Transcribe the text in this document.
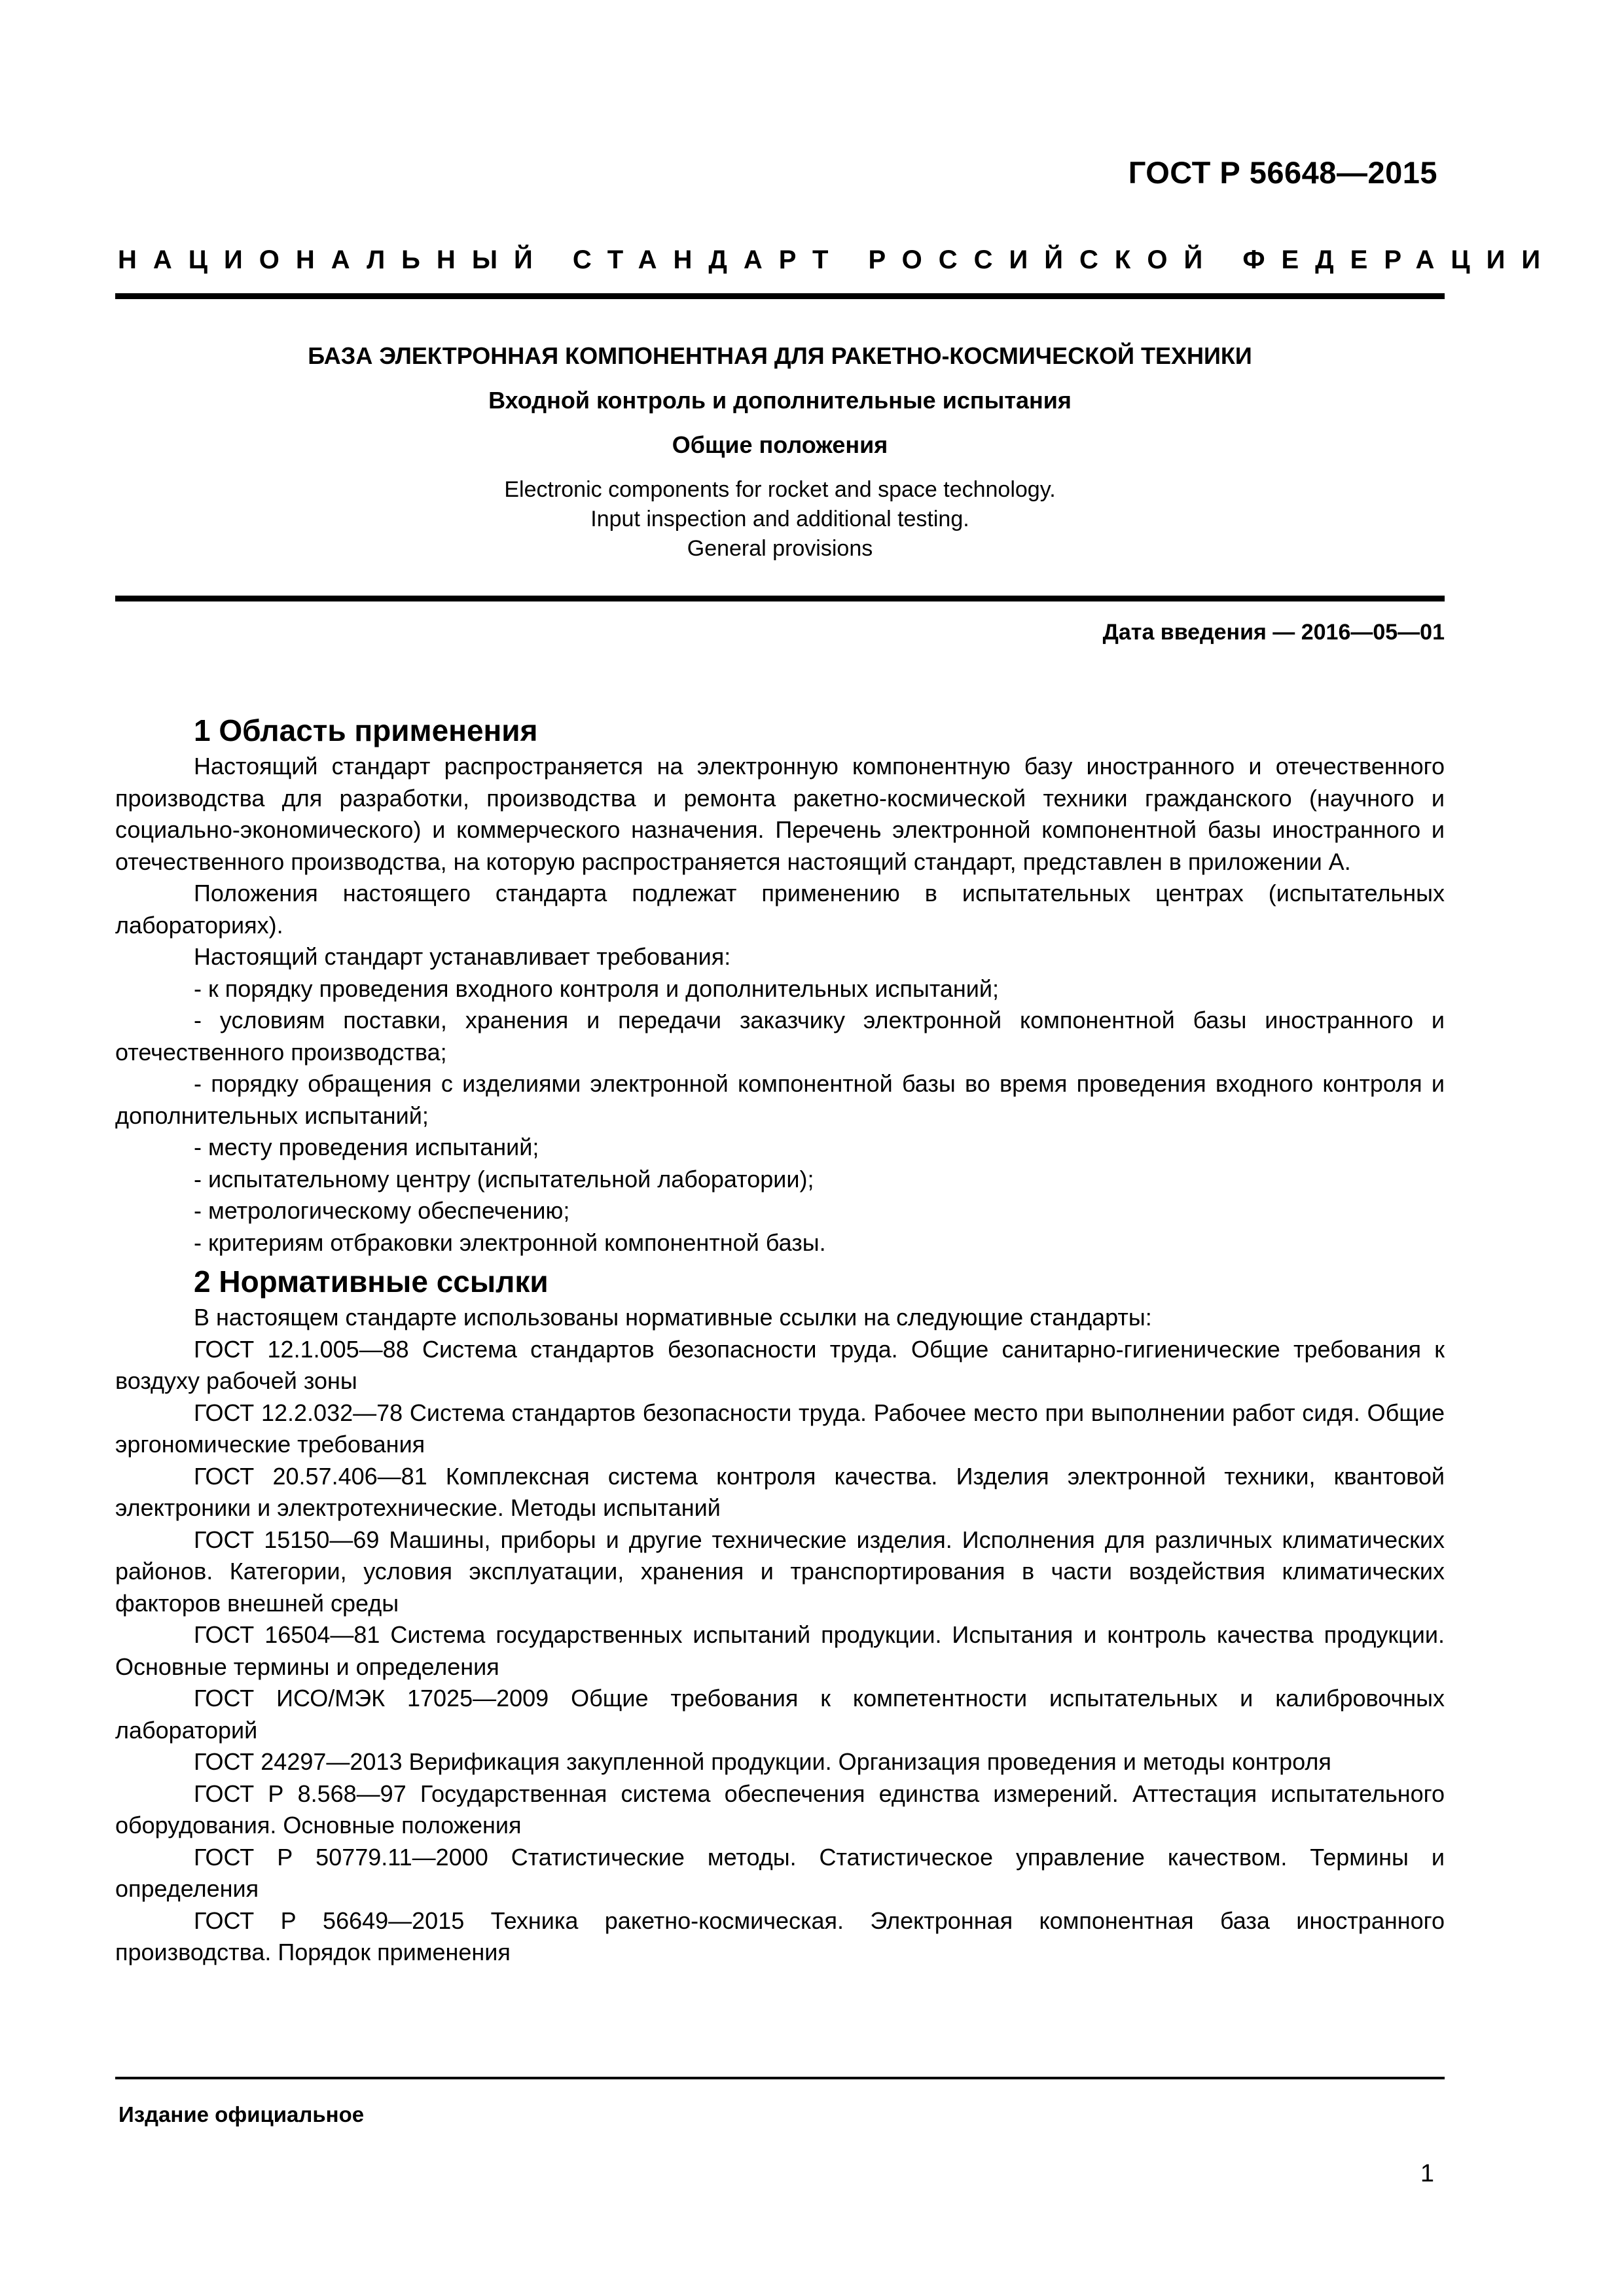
ГОСТ Р 56648—2015
НАЦИОНАЛЬНЫЙ СТАНДАРТ РОССИЙСКОЙ ФЕДЕРАЦИИ
БАЗА ЭЛЕКТРОННАЯ КОМПОНЕНТНАЯ ДЛЯ РАКЕТНО-КОСМИЧЕСКОЙ ТЕХНИКИ
Входной контроль и дополнительные испытания
Общие положения
Electronic components for rocket and space technology.
Input inspection and additional testing.
General provisions
Дата введения — 2016—05—01
1 Область применения

Настоящий стандарт распространяется на электронную компонентную базу иностранного и отечественного производства для разработки, производства и ремонта ракетно-космической техники гражданского (научного и социально-экономического) и коммерческого назначения. Перечень электронной компонентной базы иностранного и отечественного производства, на которую распространяется настоящий стандарт, представлен в приложении А.

Положения настоящего стандарта подлежат применению в испытательных центрах (испытательных лабораториях).

Настоящий стандарт устанавливает требования:

- к порядку проведения входного контроля и дополнительных испытаний;

- условиям поставки, хранения и передачи заказчику электронной компонентной базы иностранного и отечественного производства;

- порядку обращения с изделиями электронной компонентной базы во время проведения входного контроля и дополнительных испытаний;

- месту проведения испытаний;

- испытательному центру (испытательной лаборатории);

- метрологическому обеспечению;

- критериям отбраковки электронной компонентной базы.

2 Нормативные ссылки

В настоящем стандарте использованы нормативные ссылки на следующие стандарты:

ГОСТ 12.1.005—88 Система стандартов безопасности труда. Общие санитарно-гигиенические требования к воздуху рабочей зоны

ГОСТ 12.2.032—78 Система стандартов безопасности труда. Рабочее место при выполнении работ сидя. Общие эргономические требования

ГОСТ 20.57.406—81 Комплексная система контроля качества. Изделия электронной техники, квантовой электроники и электротехнические. Методы испытаний

ГОСТ 15150—69 Машины, приборы и другие технические изделия. Исполнения для различных климатических районов. Категории, условия эксплуатации, хранения и транспортирования в части воздействия климатических факторов внешней среды

ГОСТ 16504—81 Система государственных испытаний продукции. Испытания и контроль качества продукции. Основные термины и определения

ГОСТ ИСО/МЭК 17025—2009 Общие требования к компетентности испытательных и калибровочных лабораторий

ГОСТ 24297—2013 Верификация закупленной продукции. Организация проведения и методы контроля

ГОСТ Р 8.568—97 Государственная система обеспечения единства измерений. Аттестация испытательного оборудования. Основные положения

ГОСТ Р 50779.11—2000 Статистические методы. Статистическое управление качеством. Термины и определения

ГОСТ Р 56649—2015 Техника ракетно-космическая. Электронная компонентная база иностранного производства. Порядок применения

Издание официальное
1
